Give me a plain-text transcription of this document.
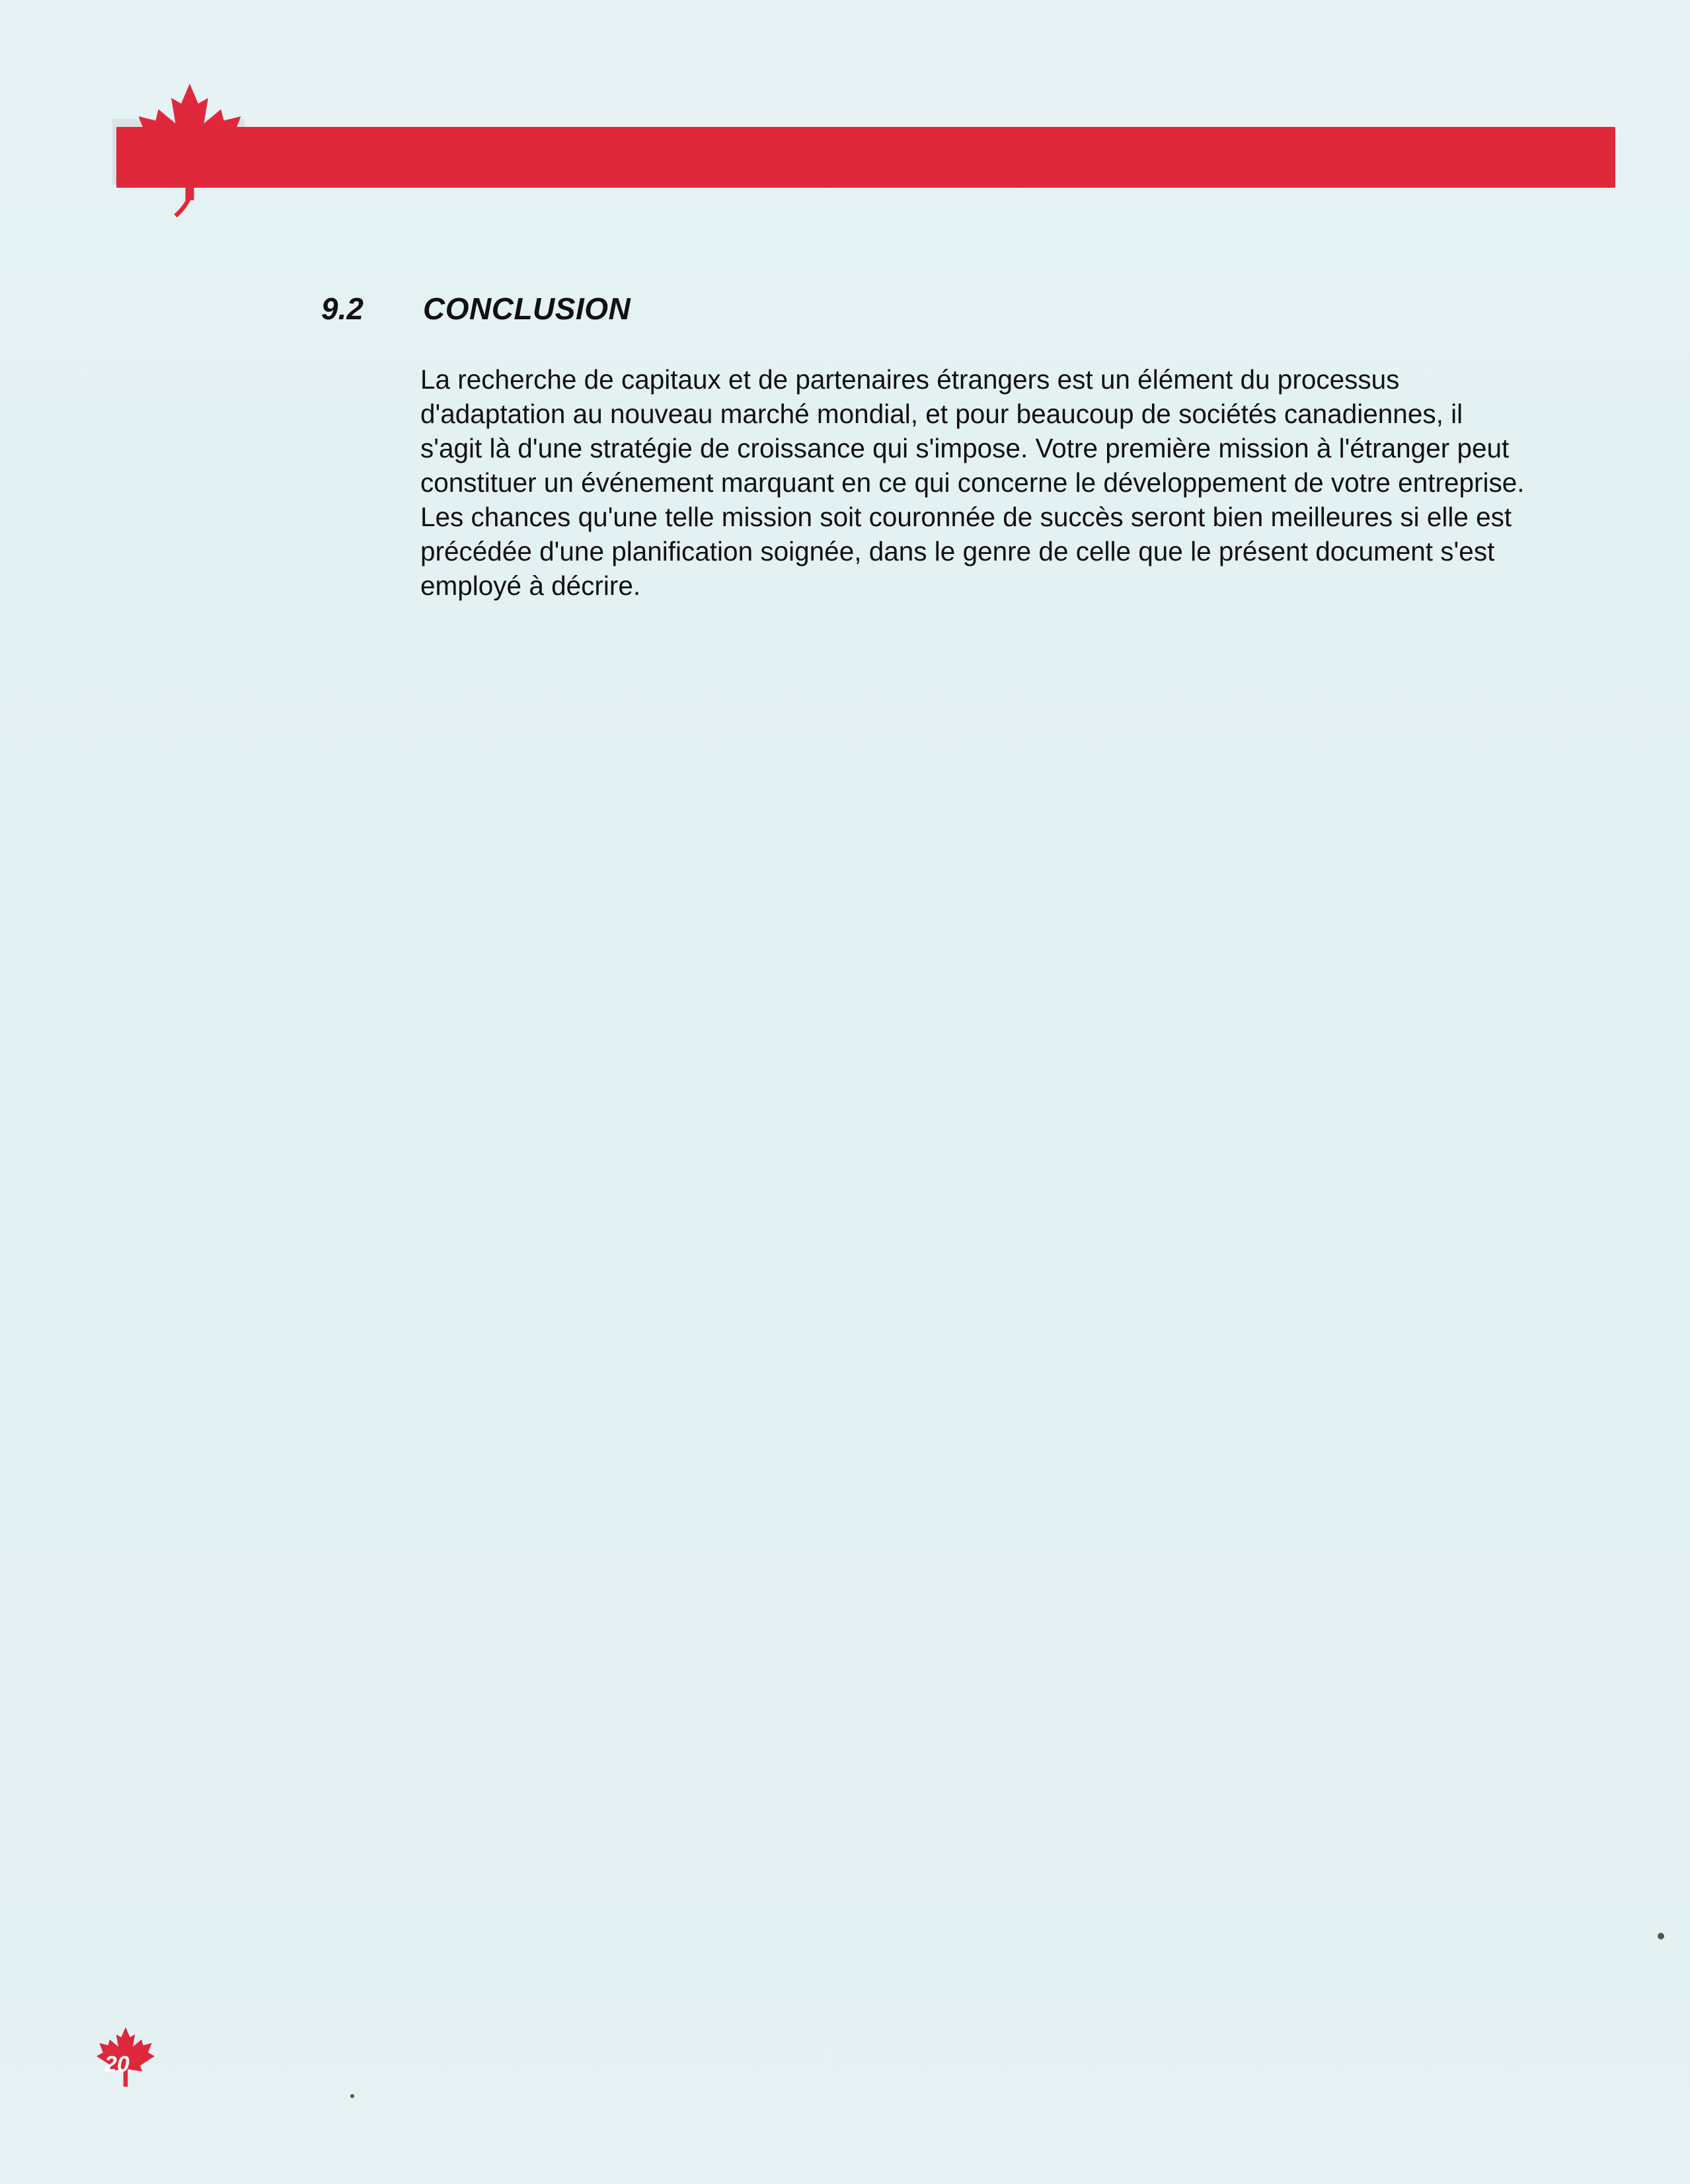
9.2 CONCLUSION

La recherche de capitaux et de partenaires étrangers est un élément du processus d'adaptation au nouveau marché mondial, et pour beaucoup de sociétés canadiennes, il s'agit là d'une stratégie de croissance qui s'impose. Votre première mission à l'étranger peut constituer un événement marquant en ce qui concerne le développement de votre entreprise. Les chances qu'une telle mission soit couronnée de succès seront bien meilleures si elle est précédée d'une planification soignée, dans le genre de celle que le présent document s'est employé à décrire.

20
